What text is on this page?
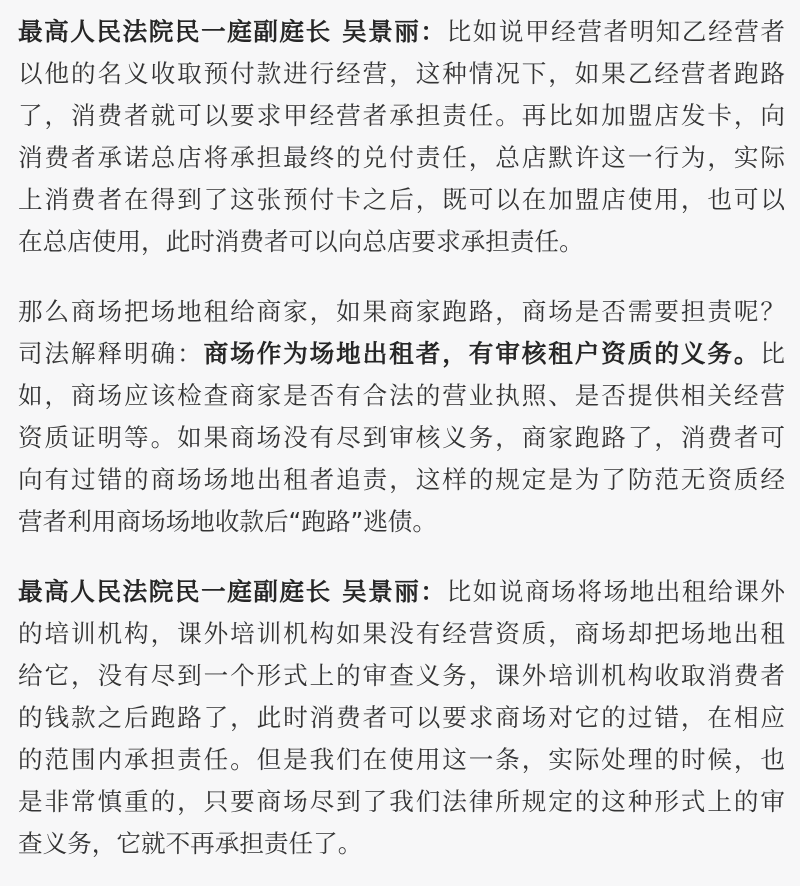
最高人民法院民一庭副庭长 吴景丽：比如说甲经营者明知乙经营者
以他的名义收取预付款进行经营，这种情况下，如果乙经营者跑路
了，消费者就可以要求甲经营者承担责任。再比如加盟店发卡，向
消费者承诺总店将承担最终的兑付责任，总店默许这一行为，实际
上消费者在得到了这张预付卡之后，既可以在加盟店使用，也可以
在总店使用，此时消费者可以向总店要求承担责任。

那么商场把场地租给商家，如果商家跑路，商场是否需要担责呢？
司法解释明确：商场作为场地出租者，有审核租户资质的义务。比
如，商场应该检查商家是否有合法的营业执照、是否提供相关经营
资质证明等。如果商场没有尽到审核义务，商家跑路了，消费者可
向有过错的商场场地出租者追责，这样的规定是为了防范无资质经
营者利用商场场地收款后“跑路”逃债。

最高人民法院民一庭副庭长 吴景丽：比如说商场将场地出租给课外
的培训机构，课外培训机构如果没有经营资质，商场却把场地出租
给它，没有尽到一个形式上的审查义务，课外培训机构收取消费者
的钱款之后跑路了，此时消费者可以要求商场对它的过错，在相应
的范围内承担责任。但是我们在使用这一条，实际处理的时候，也
是非常慎重的，只要商场尽到了我们法律所规定的这种形式上的审
查义务，它就不再承担责任了。
